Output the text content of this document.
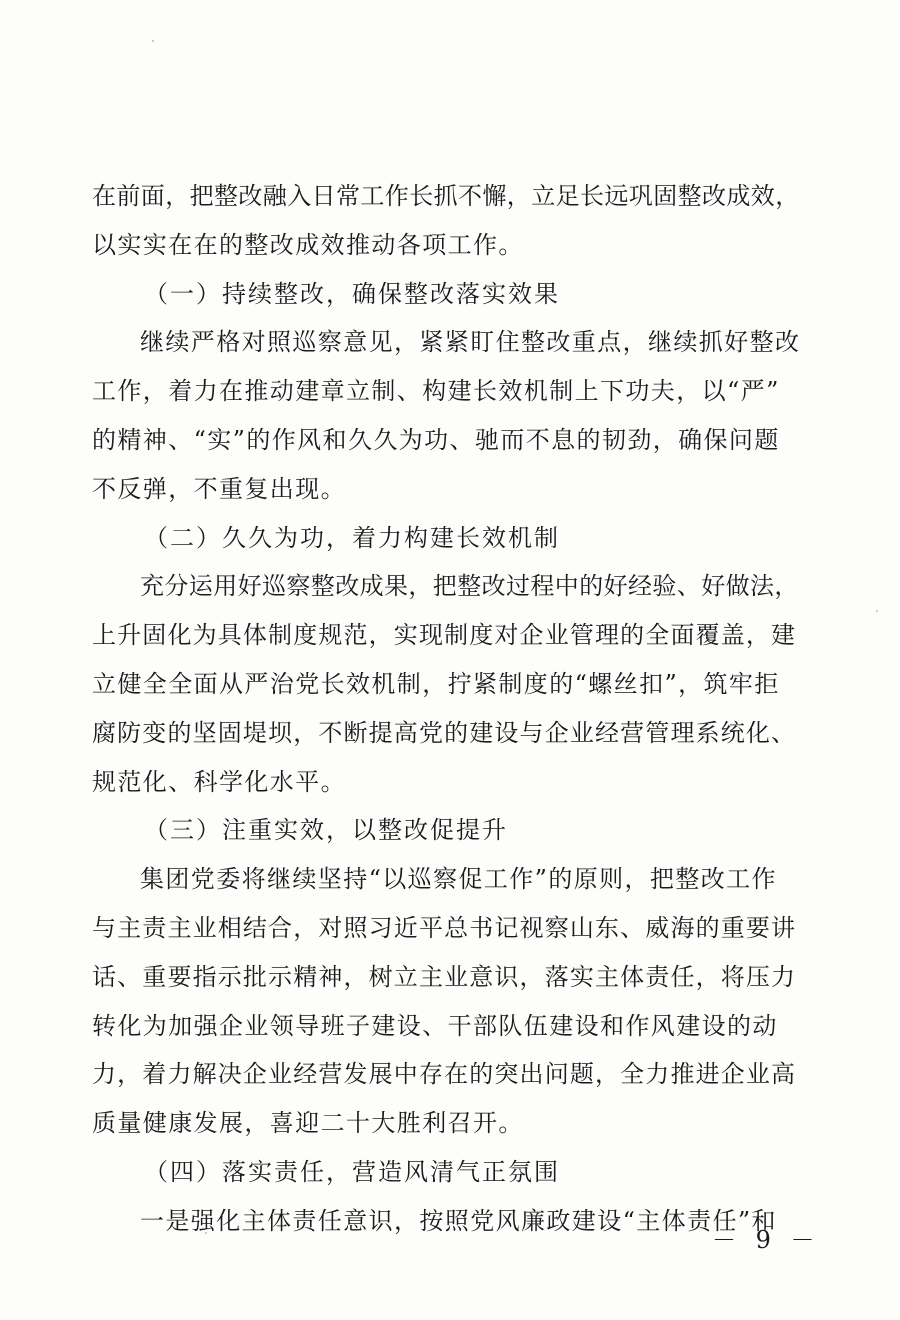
在前面，把整改融入日常工作长抓不懈，立足长远巩固整改成效，
以实实在在的整改成效推动各项工作。
（一）持续整改，确保整改落实效果
继续严格对照巡察意见，紧紧盯住整改重点，继续抓好整改
工作，着力在推动建章立制、构建长效机制上下功夫，以“严”
的精神、“实”的作风和久久为功、驰而不息的韧劲，确保问题
不反弹，不重复出现。
（二）久久为功，着力构建长效机制
充分运用好巡察整改成果，把整改过程中的好经验、好做法，
上升固化为具体制度规范，实现制度对企业管理的全面覆盖，建
立健全全面从严治党长效机制，拧紧制度的“螺丝扣”，筑牢拒
腐防变的坚固堤坝，不断提高党的建设与企业经营管理系统化、
规范化、科学化水平。
（三）注重实效，以整改促提升
集团党委将继续坚持“以巡察促工作”的原则，把整改工作
与主责主业相结合，对照习近平总书记视察山东、威海的重要讲
话、重要指示批示精神，树立主业意识，落实主体责任，将压力
转化为加强企业领导班子建设、干部队伍建设和作风建设的动
力，着力解决企业经营发展中存在的突出问题，全力推进企业高
质量健康发展，喜迎二十大胜利召开。
（四）落实责任，营造风清气正氛围
一是强化主体责任意识，按照党风廉政建设“主体责任”和
－ 9 －
